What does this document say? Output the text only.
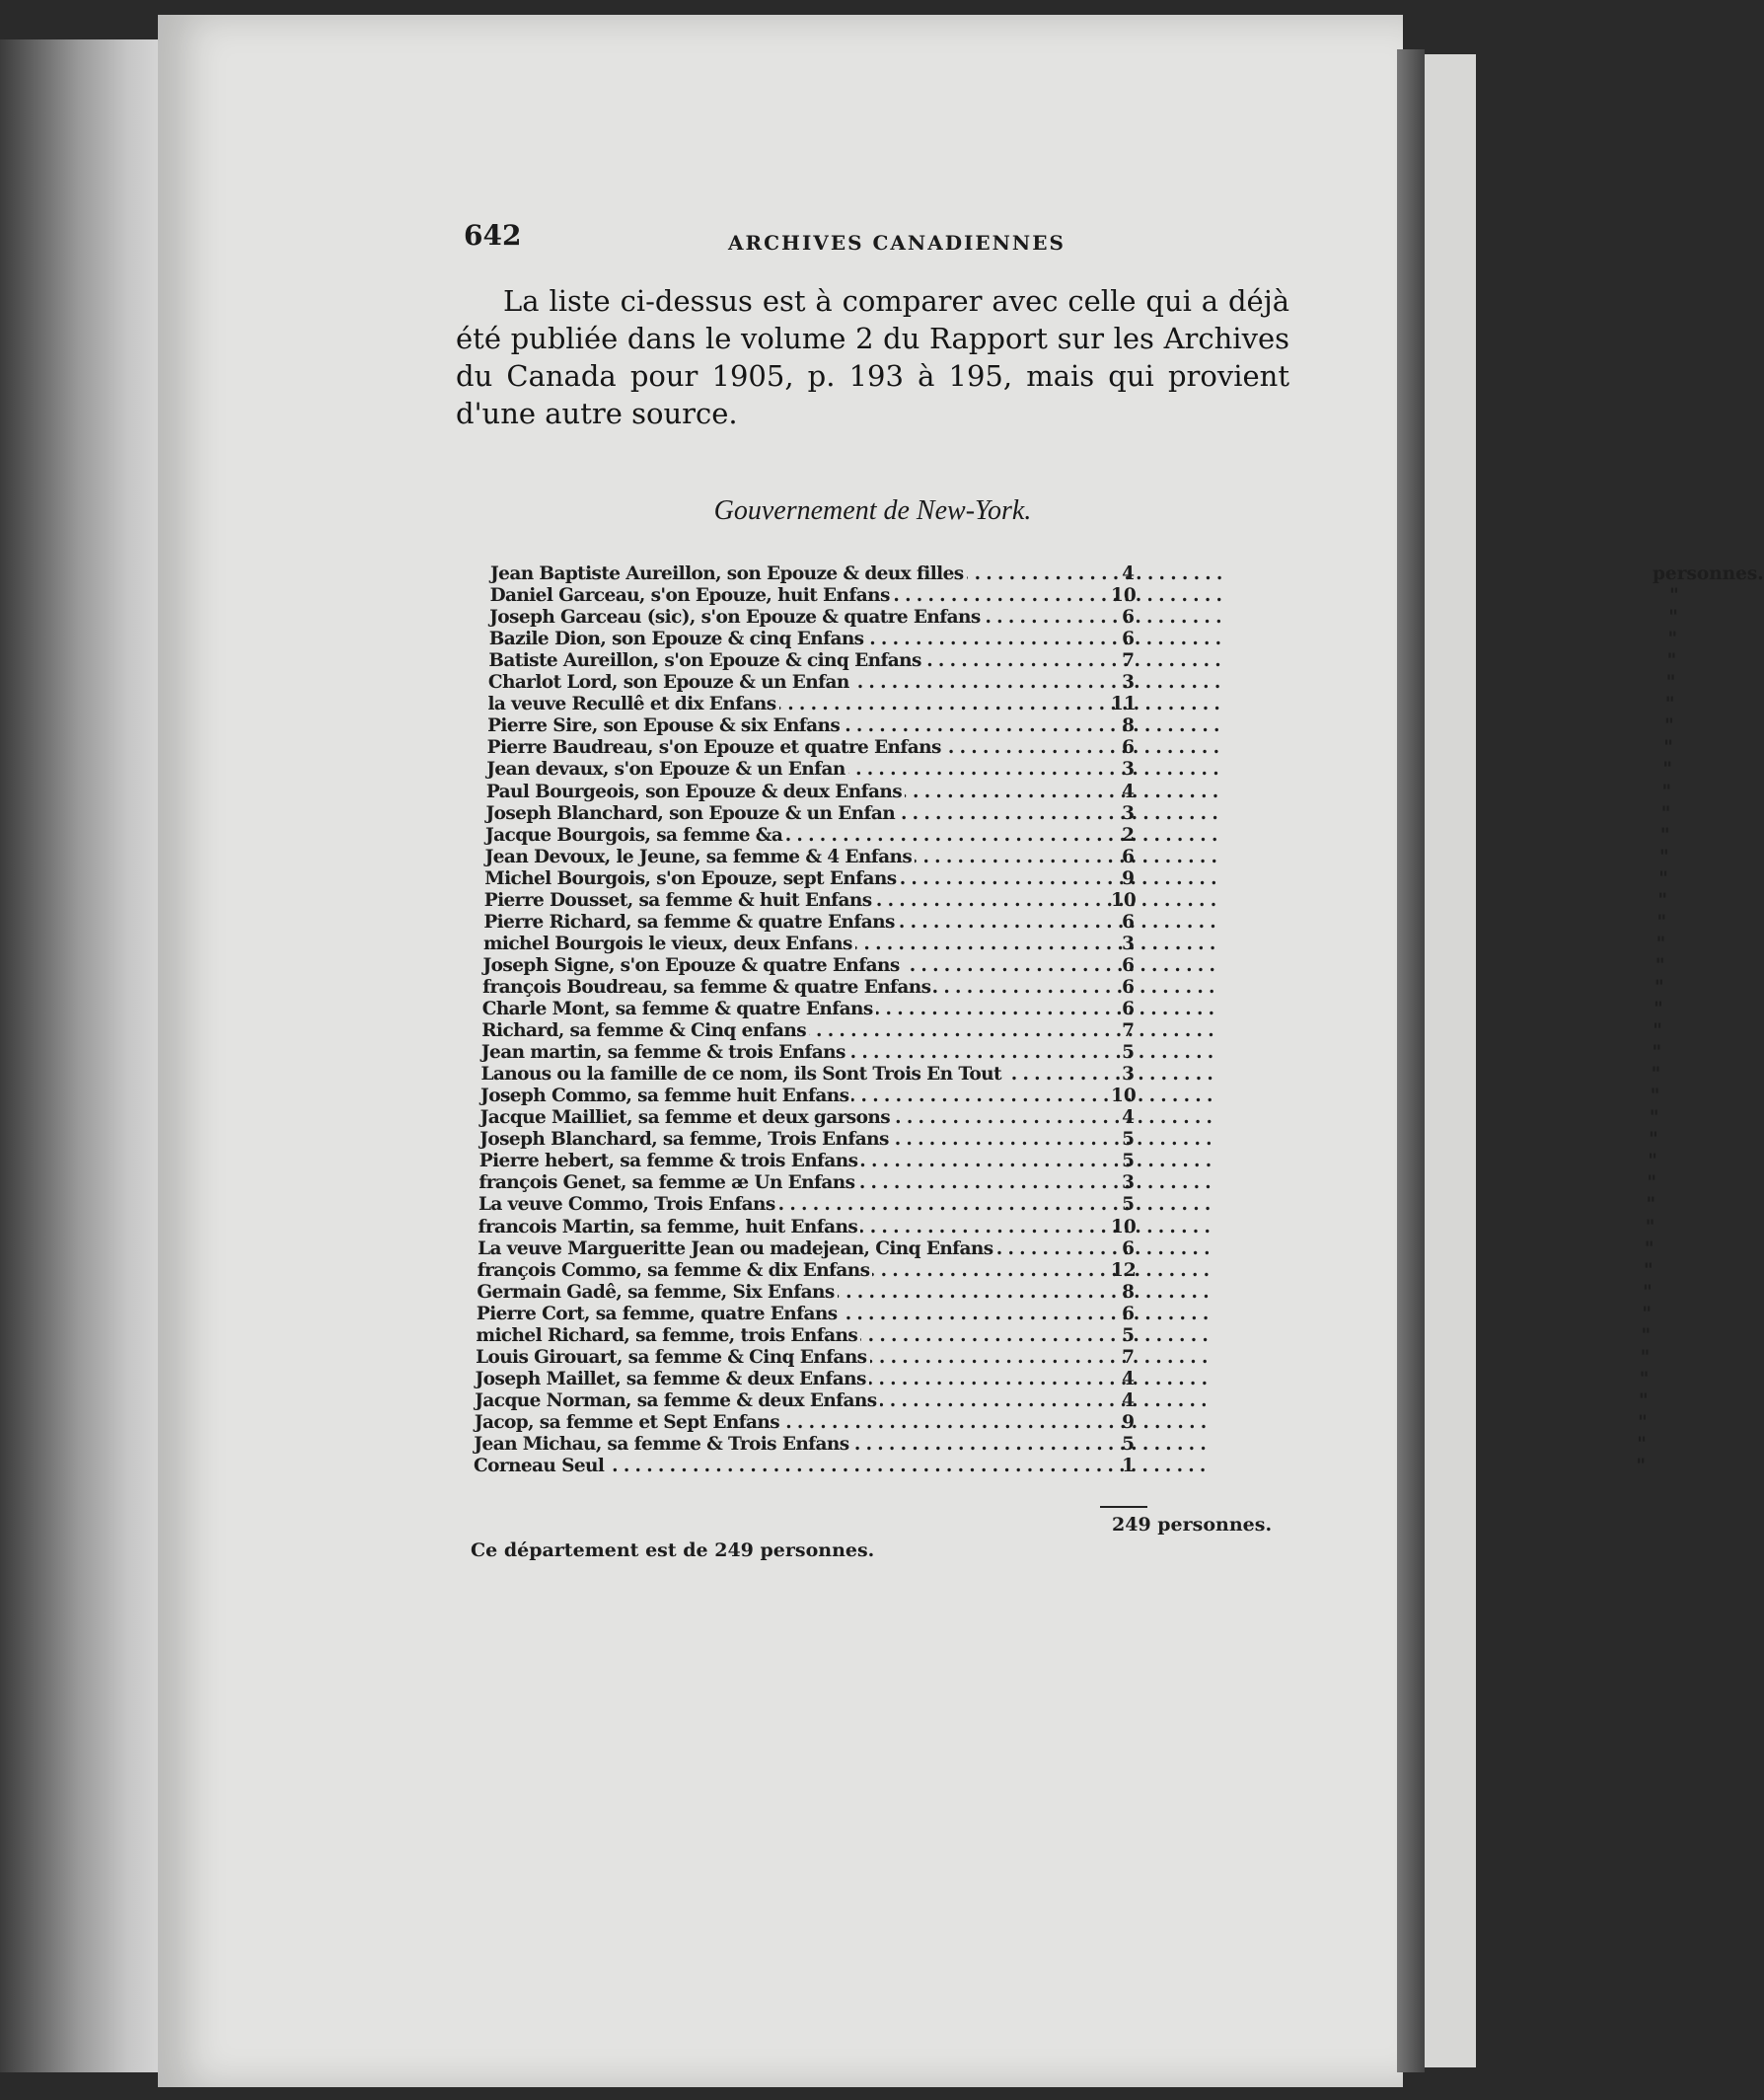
642	ARCHIVES CANADIENNES
La liste ci-dessus est à comparer avec celle qui a déjà été publiée dans le volume 2 du Rapport sur les Archives du Canada pour 1905, p. 193 à 195, mais qui provient d'une autre source.
Gouvernement de New-York.
Jean Baptiste Aureillon, son Epouze & deux filles . . .	4	personnes.
Daniel Garceau, s'on Epouze, huit Enfans . . .	10	"
Joseph Garceau (sic), s'on Epouze & quatre Enfans . . .	6	"
Bazile Dion, son Epouze & cinq Enfans . . .	6	"
Batiste Aureillon, s'on Epouze & cinq Enfans . . .	7	"
Charlot Lord, son Epouze & un Enfan . . .	3	"
la veuve Recullê et dix Enfans . . .	11	"
Pierre Sire, son Epouse & six Enfans . . .	8	"
Pierre Baudreau, s'on Epouze et quatre Enfans . . .	6	"
Jean devaux, s'on Epouze & un Enfan . . .	3	"
Paul Bourgeois, son Epouze & deux Enfans . . .	4	"
Joseph Blanchard, son Epouze & un Enfan . . .	3	"
Jacque Bourgois, sa femme &a . . .	2	"
Jean Devoux, le Jeune, sa femme & 4 Enfans . . .	6	"
Michel Bourgois, s'on Epouze, sept Enfans . . .	9	"
Pierre Dousset, sa femme & huit Enfans . . .	10	"
Pierre Richard, sa femme & quatre Enfans . . .	6	"
michel Bourgois le vieux, deux Enfans . . .	3	"
Joseph Signe, s'on Epouze & quatre Enfans . . .	6	"
françois Boudreau, sa femme & quatre Enfans . . .	6	"
Charle Mont, sa femme & quatre Enfans . . .	6	"
Richard, sa femme & Cinq enfans . . .	7	"
Jean martin, sa femme & trois Enfans . . .	5	"
Lanous ou la famille de ce nom, ils Sont Trois En Tout . . .	3	"
Joseph Commo, sa femme huit Enfans . . .	10	"
Jacque Mailliet, sa femme et deux garsons . . .	4	"
Joseph Blanchard, sa femme, Trois Enfans . . .	5	"
Pierre hebert, sa femme & trois Enfans . . .	5	"
françois Genet, sa femme æ Un Enfans . . .	3	"
La veuve Commo, Trois Enfans . . .	5	"
francois Martin, sa femme, huit Enfans . . .	10	"
La veuve Margueritte Jean ou madejean, Cinq Enfans . . .	6	"
françois Commo, sa femme & dix Enfans . . .	12	"
Germain Gadê, sa femme, Six Enfans . . .	8	"
Pierre Cort, sa femme, quatre Enfans . . .	6	"
michel Richard, sa femme, trois Enfans . . .	5	"
Louis Girouart, sa femme & Cinq Enfans . . .	7	"
Joseph Maillet, sa femme & deux Enfans . . .	4	"
Jacque Norman, sa femme & deux Enfans . . .	4	"
Jacop, sa femme et Sept Enfans . . .	9	"
Jean Michau, sa femme & Trois Enfans . . .	5	"
Corneau Seul . . .	1	"
249 personnes.
Ce département est de 249 personnes.
